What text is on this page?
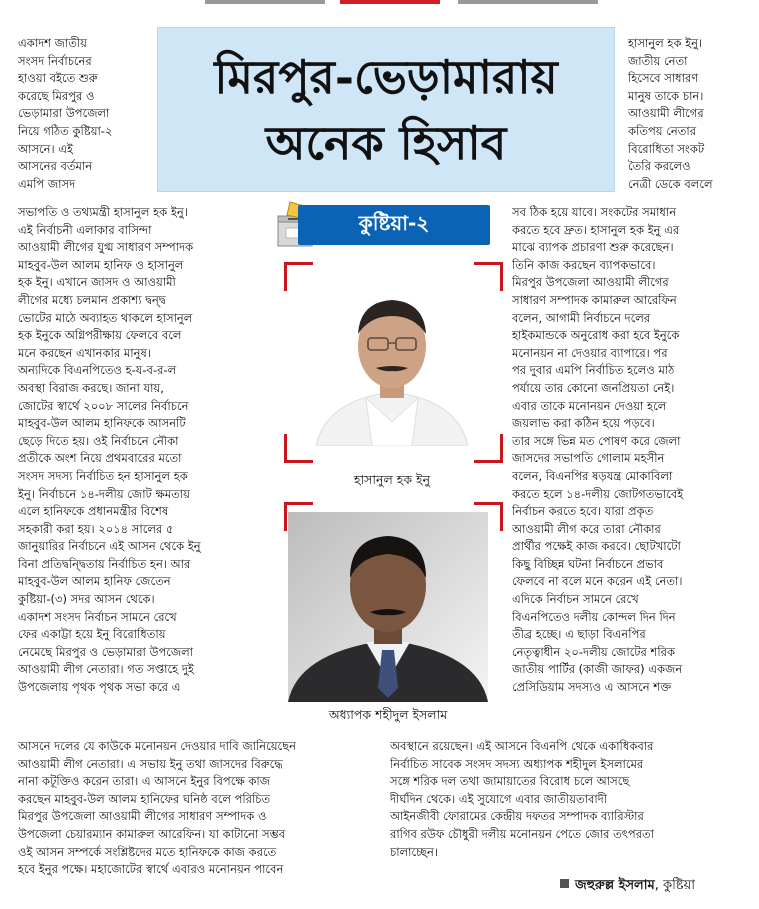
মিরপুর-ভেড়ামারায়
অনেক হিসাব
কুষ্টিয়া-২

একাদশ জাতীয়

সংসদ নির্বাচনের

হাওয়া বইতে শুরু

করেছে মিরপুর ও

ভেড়ামারা উপজেলা

নিয়ে গঠিত কুষ্টিয়া-২

আসনে। এই

আসনের বর্তমান

এমপি জাসদ

সভাপতি ও তথ্যমন্ত্রী হাসানুল হক ইনু।

এই নির্বাচনী এলাকার বাসিন্দা

আওয়ামী লীগের যুগ্ম সাধারণ সম্পাদক

মাহবুব-উল আলম হানিফ ও হাসানুল

হক ইনু। এখানে জাসদ ও আওয়ামী

লীগের মধ্যে চলমান প্রকাশ্য দ্বন্দ্ব

ভোটের মাঠে অব্যাহত থাকলে হাসানুল

হক ইনুকে অগ্নিপরীক্ষায় ফেলবে বলে

মনে করছেন এখানকার মানুষ।

অন্যদিকে বিএনপিতেও হ-য-ব-র-ল

অবস্থা বিরাজ করছে। জানা যায়,

জোটের স্বার্থে ২০০৮ সালের নির্বাচনে

মাহবুব-উল আলম হানিফকে আসনটি

ছেড়ে দিতে হয়। ওই নির্বাচনে নৌকা

প্রতীকে অংশ নিয়ে প্রথমবারের মতো

সংসদ সদস্য নির্বাচিত হন হাসানুল হক

ইনু। নির্বাচনে ১৪-দলীয় জোট ক্ষমতায়

এলে হানিফকে প্রধানমন্ত্রীর বিশেষ

সহকারী করা হয়। ২০১৪ সালের ৫

জানুয়ারির নির্বাচনে এই আসন থেকে ইনু

বিনা প্রতিদ্বন্দ্বিতায় নির্বাচিত হন। আর

মাহবুব-উল আলম হানিফ জেতেন

কুষ্টিয়া-(৩) সদর আসন থেকে।

একাদশ সংসদ নির্বাচন সামনে রেখে

ফের একাট্টা হয়ে ইনু বিরোধিতায়

নেমেছে মিরপুর ও ভেড়ামারা উপজেলা

আওয়ামী লীগ নেতারা। গত সপ্তাহে দুই

উপজেলায় পৃথক পৃথক সভা করে এ

আসনে দলের যে কাউকে মনোনয়ন দেওয়ার দাবি জানিয়েছেন

আওয়ামী লীগ নেতারা। এ সভায় ইনু তথা জাসদের বিরুদ্ধে

নানা কটূক্তিও করেন তারা। এ আসনে ইনুর বিপক্ষে কাজ

করছেন মাহবুব-উল আলম হানিফের ঘনিষ্ঠ বলে পরিচিত

মিরপুর উপজেলা আওয়ামী লীগের সাধারণ সম্পাদক ও

উপজেলা চেয়ারম্যান কামারুল আরেফিন। যা কাটানো সম্ভব

ওই আসন সম্পর্কে সংশ্লিষ্টদের মতে হানিফকে কাজ করতে

হবে ইনুর পক্ষে। মহাজোটের স্বার্থে এবারও মনোনয়ন পাবেন

হাসানুল হক ইনু।

জাতীয় নেতা

হিসেবে সাধারণ

মানুষ তাকে চান।

আওয়ামী লীগের

কতিপয় নেতার

বিরোধিতা সংকট

তৈরি করলেও

নেত্রী ডেকে বললে

সব ঠিক হয়ে যাবে। সংকটের সমাধান

করতে হবে দ্রুত। হাসানুল হক ইনু এর

মাঝে ব্যাপক প্রচারণা শুরু করেছেন।

তিনি কাজ করছেন ব্যাপকভাবে।

মিরপুর উপজেলা আওয়ামী লীগের

সাধারণ সম্পাদক কামারুল আরেফিন

বলেন, আগামী নির্বাচনে দলের

হাইকমান্ডকে অনুরোধ করা হবে ইনুকে

মনোনয়ন না দেওয়ার ব্যাপারে। পর

পর দুবার এমপি নির্বাচিত হলেও মাঠ

পর্যায়ে তার কোনো জনপ্রিয়তা নেই।

এবার তাকে মনোনয়ন দেওয়া হলে

জয়লাভ করা কঠিন হয়ে পড়বে।

তার সঙ্গে ভিন্ন মত পোষণ করে জেলা

জাসদের সভাপতি গোলাম মহসীন

বলেন, বিএনপির ষড়যন্ত্র মোকাবিলা

করতে হলে ১৪-দলীয় জোটগতভাবেই

নির্বাচন করতে হবে। যারা প্রকৃত

আওয়ামী লীগ করে তারা নৌকার

প্রার্থীর পক্ষেই কাজ করবে। ছোটখাটো

কিছু বিচ্ছিন্ন ঘটনা নির্বাচনে প্রভাব

ফেলবে না বলে মনে করেন এই নেতা।

এদিকে নির্বাচন সামনে রেখে

বিএনপিতেও দলীয় কোন্দল দিন দিন

তীব্র হচ্ছে। এ ছাড়া বিএনপির

নেতৃত্বাধীন ২০-দলীয় জোটের শরিক

জাতীয় পার্টির (কাজী জাফর) একজন

প্রেসিডিয়াম সদস্যও এ আসনে শক্ত

অবস্থানে রয়েছেন। এই আসনে বিএনপি থেকে একাধিকবার

নির্বাচিত সাবেক সংসদ সদস্য অধ্যাপক শহীদুল ইসলামের

সঙ্গে শরিক দল তথা জামায়াতের বিরোধ চলে আসছে

দীর্ঘদিন থেকে। এই সুযোগে এবার জাতীয়তাবাদী

আইনজীবী ফোরামের কেন্দ্রীয় দফতর সম্পাদক ব্যারিস্টার

রাগিব রউফ চৌধুরী দলীয় মনোনয়ন পেতে জোর তৎপরতা

চালাচ্ছেন।

হাসানুল হক ইনু
অধ্যাপক শহীদুল ইসলাম
জহুরুল্ল ইসলাম, কুষ্টিয়া
